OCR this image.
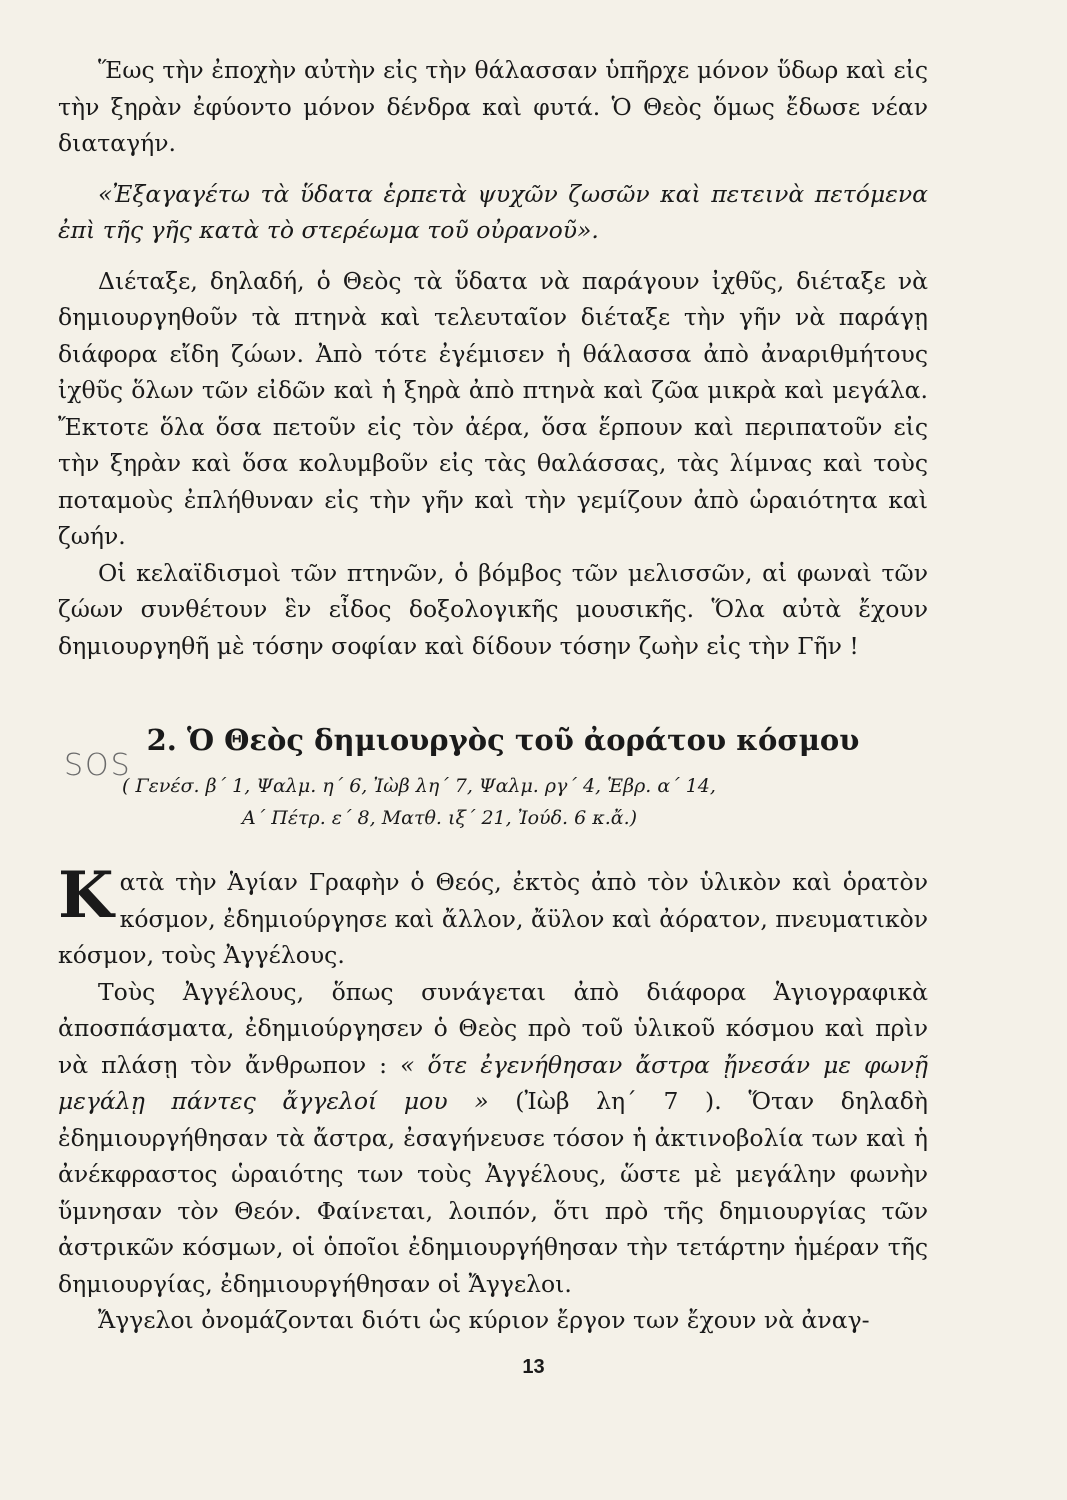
Ἕως τὴν ἐποχὴν αὐτὴν εἰς τὴν θάλασσαν ὑπῆρχε μόνον ὕδωρ καὶ εἰς τὴν ξηρὰν ἐφύοντο μόνον δένδρα καὶ φυτά. Ὁ Θεὸς ὅμως ἔδωσε νέαν διαταγήν.

«Ἐξαγαγέτω τὰ ὕδατα ἑρπετὰ ψυχῶν ζωσῶν καὶ πετεινὰ πετόμενα ἐπὶ τῆς γῆς κατὰ τὸ στερέωμα τοῦ οὐρανοῦ».

Διέταξε, δηλαδή, ὁ Θεὸς τὰ ὕδατα νὰ παράγουν ἰχθῦς, διέταξε νὰ δημιουργηθοῦν τὰ πτηνὰ καὶ τελευταῖον διέταξε τὴν γῆν νὰ παράγῃ διάφορα εἴδη ζώων. Ἀπὸ τότε ἐγέμισεν ἡ θάλασσα ἀπὸ ἀναριθμήτους ἰχθῦς ὅλων τῶν εἰδῶν καὶ ἡ ξηρὰ ἀπὸ πτηνὰ καὶ ζῶα μικρὰ καὶ μεγάλα. Ἔκτοτε ὅλα ὅσα πετοῦν εἰς τὸν ἀέρα, ὅσα ἕρπουν καὶ περιπατοῦν εἰς τὴν ξηρὰν καὶ ὅσα κολυμβοῦν εἰς τὰς θαλάσσας, τὰς λίμνας καὶ τοὺς ποταμοὺς ἐπλήθυναν εἰς τὴν γῆν καὶ τὴν γεμίζουν ἀπὸ ὡραιότητα καὶ ζωήν.

Οἱ κελαϊδισμοὶ τῶν πτηνῶν, ὁ βόμβος τῶν μελισσῶν, αἱ φωναὶ τῶν ζώων συνθέτουν ἓν εἶδος δοξολογικῆς μουσικῆς. Ὅλα αὐτὰ ἔχουν δημιουργηθῆ μὲ τόσην σοφίαν καὶ δίδουν τόσην ζωὴν εἰς τὴν Γῆν !

2. Ὁ Θεὸς δημιουργὸς τοῦ ἀοράτου κόσμου
( Γενέσ. β΄ 1, Ψαλμ. η΄ 6, Ἰὼβ λη΄ 7, Ψαλμ. ργ΄ 4, Ἑβρ. α΄ 14,
Α΄ Πέτρ. ε΄ 8, Ματθ. ιξ΄ 21, Ἰούδ. 6 κ.ἄ.)

Κατὰ τὴν Ἁγίαν Γραφὴν ὁ Θεός, ἐκτὸς ἀπὸ τὸν ὑλικὸν καὶ ὁρατὸν κόσμον, ἐδημιούργησε καὶ ἄλλον, ἄϋλον καὶ ἀόρατον, πνευματικὸν κόσμον, τοὺς Ἀγγέλους.

Τοὺς Ἀγγέλους, ὅπως συνάγεται ἀπὸ διάφορα Ἁγιογραφικὰ ἀποσπάσματα, ἐδημιούργησεν ὁ Θεὸς πρὸ τοῦ ὑλικοῦ κόσμου καὶ πρὶν νὰ πλάσῃ τὸν ἄνθρωπον : « ὅτε ἐγενήθησαν ἄστρα ᾔνεσάν με φωνῇ μεγάλῃ πάντες ἄγγελοί μου » (Ἰὼβ λη΄ 7 ). Ὅταν δηλαδὴ ἐδημιουργήθησαν τὰ ἄστρα, ἐσαγήνευσε τόσον ἡ ἀκτινοβολία των καὶ ἡ ἀνέκφραστος ὡραιότης των τοὺς Ἀγγέλους, ὥστε μὲ μεγάλην φωνὴν ὕμνησαν τὸν Θεόν. Φαίνεται, λοιπόν, ὅτι πρὸ τῆς δημιουργίας τῶν ἀστρικῶν κόσμων, οἱ ὁποῖοι ἐδημιουργήθησαν τὴν τετάρτην ἡμέραν τῆς δημιουργίας, ἐδημιουργήθησαν οἱ Ἄγγελοι.

Ἄγγελοι ὀνομάζονται διότι ὡς κύριον ἔργον των ἔχουν νὰ ἀναγ-

SOS
13
